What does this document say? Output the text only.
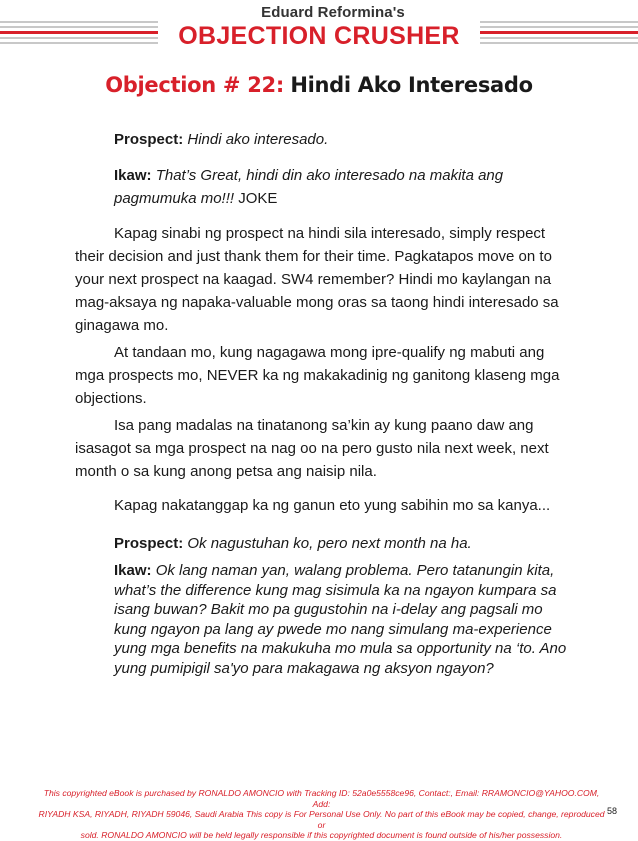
Eduard Reformina's
OBJECTION CRUSHER
Objection # 22: Hindi Ako Interesado
Prospect: Hindi ako interesado.
Ikaw: That’s Great, hindi din ako interesado na makita ang
pagmumuka mo!!! JOKE
Kapag sinabi ng prospect na hindi sila interesado, simply respect
their decision and just thank them for their time. Pagkatapos move on to
your next prospect na kaagad. SW4 remember? Hindi mo kaylangan na
mag-aksaya ng napaka-valuable mong oras sa taong hindi interesado sa
ginagawa mo.
At tandaan mo, kung nagagawa mong ipre-qualify ng mabuti ang
mga prospects mo, NEVER ka ng makakadinig ng ganitong klaseng mga
objections.
Isa pang madalas na tinatanong sa’kin ay kung paano daw ang
isasagot sa mga prospect na nag oo na pero gusto nila next week, next
month o sa kung anong petsa ang naisip nila.
Kapag nakatanggap ka ng ganun eto yung sabihin mo sa kanya...
Prospect: Ok nagustuhan ko, pero next month na ha.
Ikaw: Ok lang naman yan, walang problema. Pero tatanungin kita,
what’s the difference kung mag sisimula ka na ngayon kumpara sa
isang buwan? Bakit mo pa gugustohin na i-delay ang pagsali mo
kung ngayon pa lang ay pwede mo nang simulang ma-experience
yung mga benefits na makukuha mo mula sa opportunity na ‘to. Ano
yung pumipigil sa'yo para makagawa ng aksyon ngayon?
This copyrighted eBook is purchased by RONALDO AMONCIO with Tracking ID: 52a0e5558ce96, Contact:, Email: RRAMONCIO@YAHOO.COM, Add:
RIYADH KSA, RIYADH, RIYADH 59046, Saudi Arabia This copy is For Personal Use Only. No part of this eBook may be copied, change, reproduced or
sold. RONALDO AMONCIO will be held legally responsible if this copyrighted document is found outside of his/her possession.
58
